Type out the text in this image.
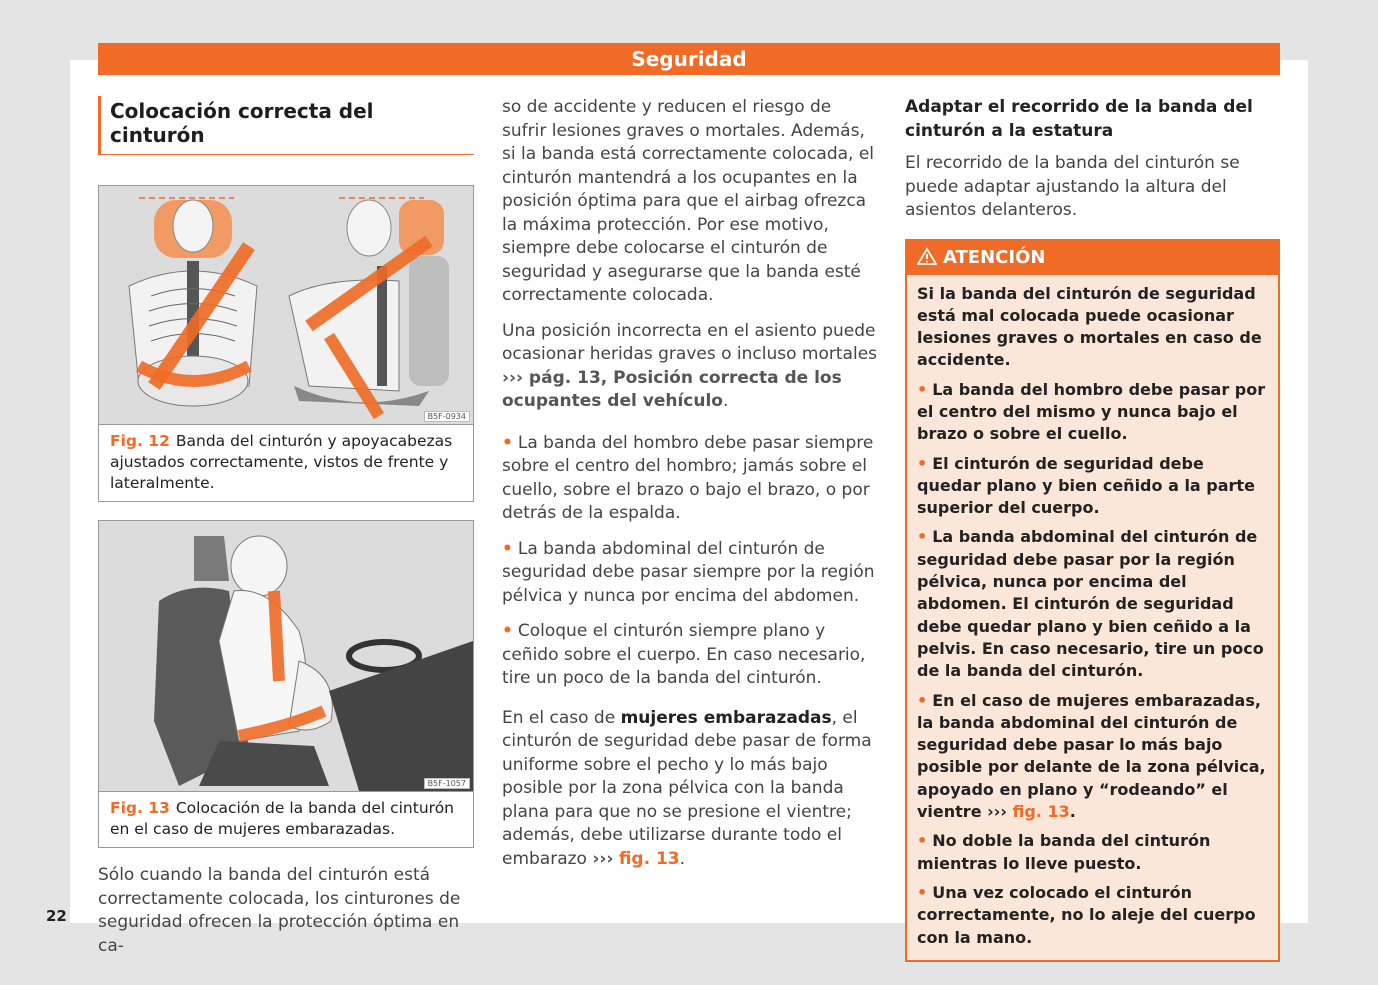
Seguridad
Colocación correcta del cinturón
B5F-0934
Fig. 12 Banda del cinturón y apoyacabezas ajustados correctamente, vistos de frente y lateralmente.
B5F-1057
Fig. 13 Colocación de la banda del cinturón en el caso de mujeres embarazadas.

Sólo cuando la banda del cinturón está correctamente colocada, los cinturones de seguridad ofrecen la protección óptima en ca-

so de accidente y reducen el riesgo de sufrir lesiones graves o mortales. Además, si la banda está correctamente colocada, el cinturón mantendrá a los ocupantes en la posición óptima para que el airbag ofrezca la máxima protección. Por ese motivo, siempre debe colocarse el cinturón de seguridad y asegurarse que la banda esté correctamente colocada.

Una posición incorrecta en el asiento puede ocasionar heridas graves o incluso mortales ››› pág. 13, Posición correcta de los ocupantes del vehículo.

• La banda del hombro debe pasar siempre sobre el centro del hombro; jamás sobre el cuello, sobre el brazo o bajo el brazo, o por detrás de la espalda.

• La banda abdominal del cinturón de seguridad debe pasar siempre por la región pélvica y nunca por encima del abdomen.

• Coloque el cinturón siempre plano y ceñido sobre el cuerpo. En caso necesario, tire un poco de la banda del cinturón.

En el caso de mujeres embarazadas, el cinturón de seguridad debe pasar de forma uniforme sobre el pecho y lo más bajo posible por la zona pélvica con la banda plana para que no se presione el vientre; además, debe utilizarse durante todo el embarazo ››› fig. 13.

Adaptar el recorrido de la banda del cinturón a la estatura

El recorrido de la banda del cinturón se puede adaptar ajustando la altura del asientos delanteros.

ATENCIÓN

Si la banda del cinturón de seguridad está mal colocada puede ocasionar lesiones graves o mortales en caso de accidente.

• La banda del hombro debe pasar por el centro del mismo y nunca bajo el brazo o sobre el cuello.

• El cinturón de seguridad debe quedar plano y bien ceñido a la parte superior del cuerpo.

• La banda abdominal del cinturón de seguridad debe pasar por la región pélvica, nunca por encima del abdomen. El cinturón de seguridad debe quedar plano y bien ceñido a la pelvis. En caso necesario, tire un poco de la banda del cinturón.

• En el caso de mujeres embarazadas, la banda abdominal del cinturón de seguridad debe pasar lo más bajo posible por delante de la zona pélvica, apoyado en plano y “rodeando” el vientre ››› fig. 13.

• No doble la banda del cinturón mientras lo lleve puesto.

• Una vez colocado el cinturón correctamente, no lo aleje del cuerpo con la mano.

22
